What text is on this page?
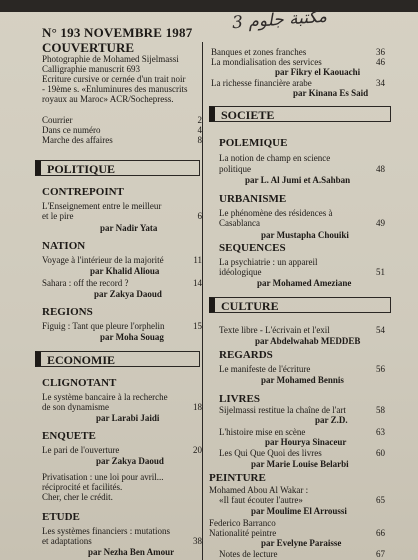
مكتبة جلوم 3
N° 193 NOVEMBRE 1987
COUVERTURE
Photographie de Mohamed Sijelmassi
Calligraphie manuscrit 693
Ecriture cursive or cernée d'un trait noir
- 19ème s. «Enluminures des manuscrits
royaux au Maroc» ACR/Sochepress.
Courrier	2
Dans ce numéro	4
Marche des affaires	8
POLITIQUE
CONTREPOINT
L'Enseignement entre le meilleur
et le pire	6
par Nadir Yata
NATION
Voyage à l'intérieur de la majorité	11
par Khalid Alioua
Sahara : off the record ?	14
par Zakya Daoud
REGIONS
Figuig : Tant que pleure l'orphelin	15
par Moha Souag
ECONOMIE
CLIGNOTANT
Le système bancaire à la recherche
de son dynamisme	18
par Larabi Jaidi
ENQUETE
Le pari de l'ouverture	20
par Zakya Daoud
Privatisation : une loi pour avril...
réciprocité et facilités.
Cher, cher le crédit.
ETUDE
Les systèmes financiers : mutations
et adaptations	38
par Nezha Ben Amour
Banques et zones franches	36
La mondialisation des services	46
par Fikry el Kaouachi
La richesse financière arabe	34
par Kinana Es Said
SOCIETE
POLEMIQUE
La notion de champ en science
politique	48
par L. Al Jumi et A.Sahban
URBANISME
Le phénomène des résidences à
Casablanca	49
par Mustapha Chouiki
SEQUENCES
La psychiatrie : un appareil
idéologique	51
par Mohamed Ameziane
CULTURE
Texte libre - L'écrivain et l'exil	54
par Abdelwahab MEDDEB
REGARDS
Le manifeste de l'écriture	56
par Mohamed Bennis
LIVRES
Sijelmassi restitue la chaîne de l'art	58
par Z.D.
L'histoire mise en scène	63
par Hourya Sinaceur
Les Qui Que Quoi des livres	60
par Marie Louise Belarbi
PEINTURE
Mohamed Abou Al Wakar :
«Il faut écouter l'autre»	65
par Moulime El Arroussi
Federico Barranco
Nationalité peintre	66
par Evelyne Paraisse
Notes de lecture	67
